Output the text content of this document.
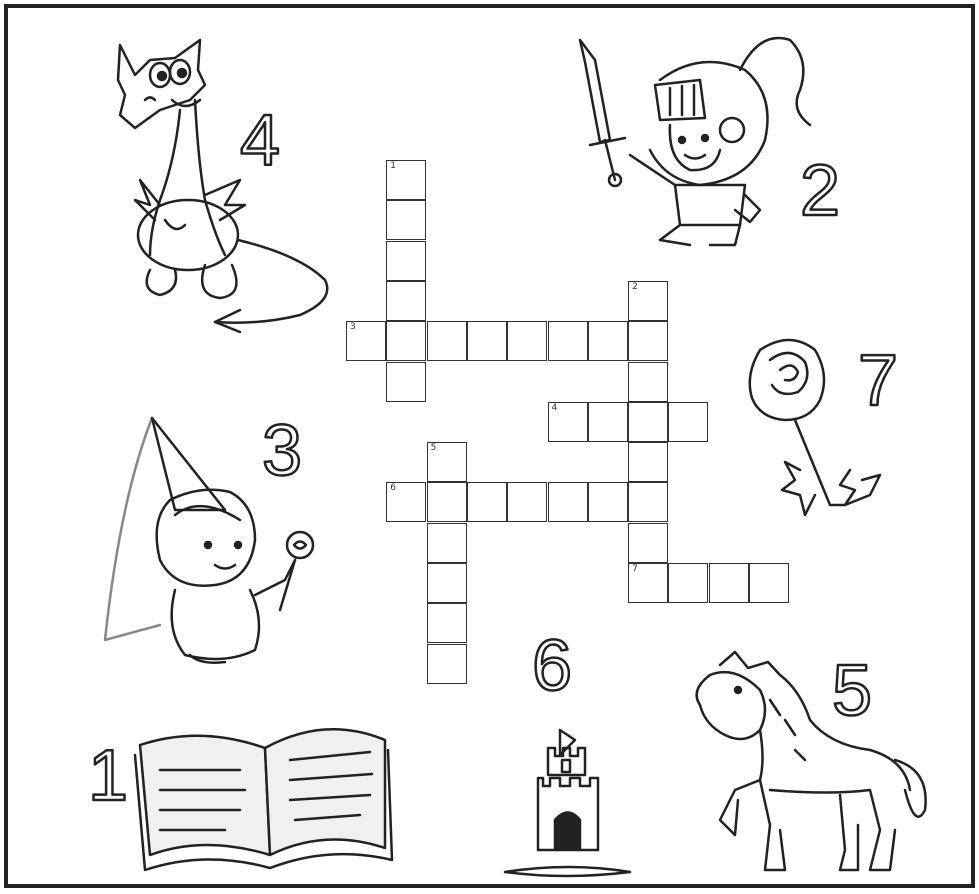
4
2
3
7
1
6	5
1
2
7
3
4
5
6
